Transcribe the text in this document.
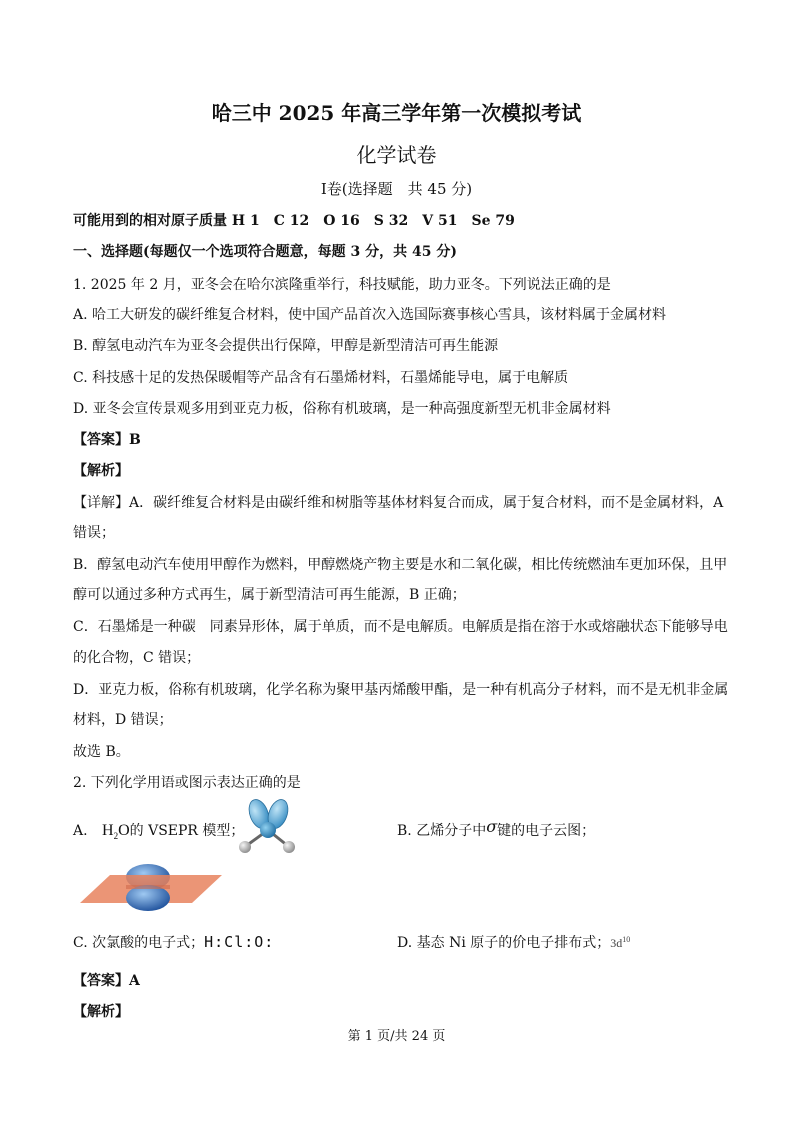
哈三中 2025 年高三学年第一次模拟考试
化学试卷
Ⅰ卷(选择题　共 45 分)
可能用到的相对原子质量 H 1　C 12　O 16　S 32　V 51　Se 79
一、选择题(每题仅一个选项符合题意，每题 3 分，共 45 分)
1. 2025 年 2 月，亚冬会在哈尔滨隆重举行，科技赋能，助力亚冬。下列说法正确的是
A. 哈工大研发的碳纤维复合材料，使中国产品首次入选国际赛事核心雪具，该材料属于金属材料
B. 醇氢电动汽车为亚冬会提供出行保障，甲醇是新型清洁可再生能源
C. 科技感十足的发热保暖帽等产品含有石墨烯材料，石墨烯能导电，属于电解质
D. 亚冬会宣传景观多用到亚克力板，俗称有机玻璃，是一种高强度新型无机非金属材料
【答案】B
【解析】
【详解】A．碳纤维复合材料是由碳纤维和树脂等基体材料复合而成，属于复合材料，而不是金属材料，A
错误；
B．醇氢电动汽车使用甲醇作为燃料，甲醇燃烧产物主要是水和二氧化碳，相比传统燃油车更加环保，且甲
醇可以通过多种方式再生，属于新型清洁可再生能源，B 正确；
C．石墨烯是一种碳　同素异形体，属于单质，而不是电解质。电解质是指在溶于水或熔融状态下能够导电
的化合物，C 错误；
D．亚克力板，俗称有机玻璃，化学名称为聚甲基丙烯酸甲酯，是一种有机高分子材料，而不是无机非金属
材料，D 错误；
故选 B。
2. 下列化学用语或图示表达正确的是
A. $H_2O$的 VSEPR 模型；	B. 乙烯分子中σ键的电子云图；
C. 次氯酸的电子式；H:Cl:O:	D. 基态 Ni 原子的价电子排布式；$3d^{10}$
【答案】A
【解析】
第 1 页/共 24 页
